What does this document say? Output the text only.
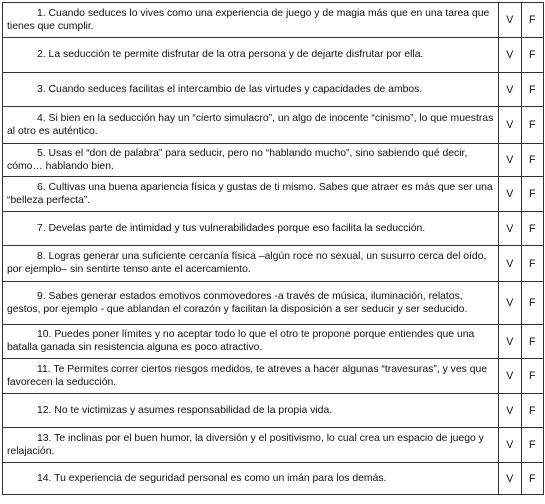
1. Cuando seduces lo vives como una experiencia de juego y de magia más que en una tarea que tienes que cumplir.	V	F
2. La seducción te permite disfrutar de la otra persona y de dejarte disfrutar por ella.	V	F
3. Cuando seduces facilitas el intercambio de las virtudes y capacidades de ambos.	V	F
4. Si bien en la seducción hay un “cierto simulacro”, un algo de inocente “cinismo”, lo que muestras al otro es auténtico.	V	F
5. Usas el “don de palabra” para seducir, pero no “hablando mucho”, sino sabiendo qué decir, cómo… hablando bien.	V	F
6. Cultivas una buena apariencia física y gustas de ti mismo. Sabes que atraer es más que ser una “belleza perfecta”.	V	F
7. Develas parte de intimidad y tus vulnerabilidades porque eso facilita la seducción.	V	F
8. Logras generar una suficiente cercanía física –algún roce no sexual, un susurro cerca del oído, por ejemplo– sin sentirte tenso ante el acercamiento.	V	F
9. Sabes generar estados emotivos conmovedores -a través de música, iluminación, relatos, gestos, por ejemplo - que ablandan el corazón y facilitan la disposición a ser seducir y ser seducido.	V	F
10. Puedes poner límites y no aceptar todo lo que el otro te propone porque entiendes que una batalla ganada sin resistencia alguna es poco atractivo.	V	F
11. Te Permites correr ciertos riesgos medidos, te atreves a hacer algunas “travesuras”, y ves que favorecen la seducción.	V	F
12. No te victimizas y asumes responsabilidad de la propia vida.	V	F
13. Te inclinas por el buen humor, la diversión y el positivismo, lo cual crea un espacio de juego y relajación.	V	F
14. Tu experiencia de seguridad personal es como un imán para los demás.	V	F
